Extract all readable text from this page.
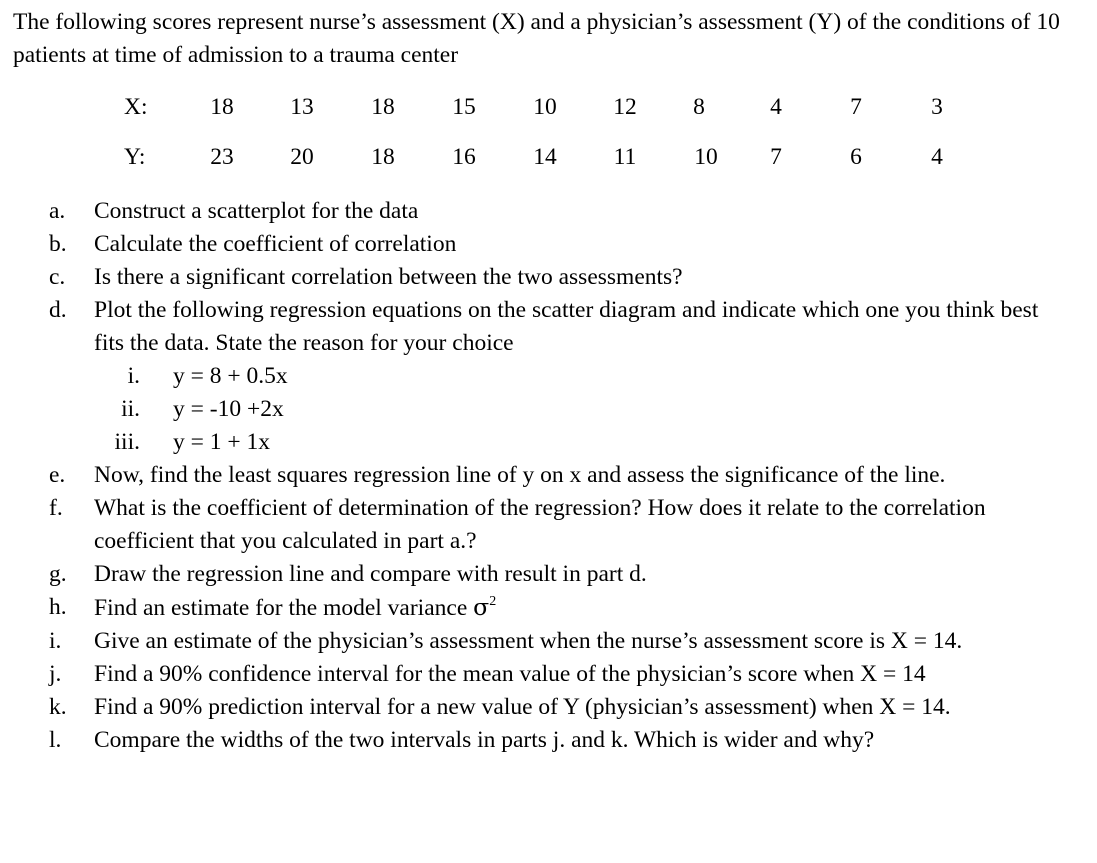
The following scores represent nurse’s assessment (X) and a physician’s assessment (Y) of the conditions of 10 patients at time of admission to a trauma center
X:	18	13	18	15	10	12	8	4	7	3
Y:	23	20	18	16	14	11	10	7	6	4
a.	Construct a scatterplot for the data
b.	Calculate the coefficient of correlation
c.	Is there a significant correlation between the two assessments?
d.	Plot the following regression equations on the scatter diagram and indicate which one you think best fits the data. State the reason for your choice
i. y = 8 + 0.5x
ii. y = -10 +2x
iii. y = 1 + 1x
e.	Now, find the least squares regression line of y on x and assess the significance of the line.
f.	What is the coefficient of determination of the regression? How does it relate to the correlation coefficient that you calculated in part a.?
g.	Draw the regression line and compare with result in part d.
h.	Find an estimate for the model variance $\sigma^2$
i.	Give an estimate of the physician’s assessment when the nurse’s assessment score is X = 14.
j.	Find a 90% confidence interval for the mean value of the physician’s score when X = 14
k.	Find a 90% prediction interval for a new value of Y (physician’s assessment) when X = 14.
l.	Compare the widths of the two intervals in parts j. and k. Which is wider and why?
